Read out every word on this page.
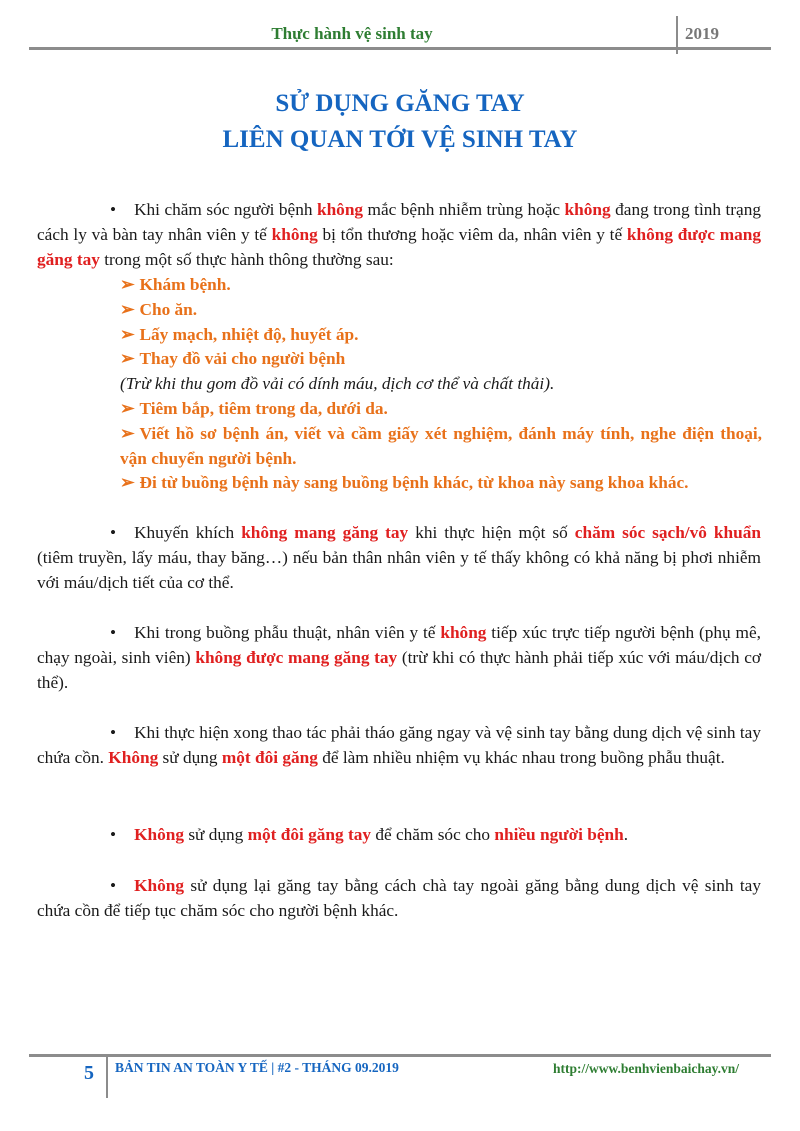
Thực hành vệ sinh tay	2019
SỬ DỤNG GĂNG TAY
LIÊN QUAN TỚI VỆ SINH TAY
• Khi chăm sóc người bệnh không mắc bệnh nhiễm trùng hoặc không đang trong tình trạng cách ly và bàn tay nhân viên y tế không bị tổn thương hoặc viêm da, nhân viên y tế không được mang găng tay trong một số thực hành thông thường sau:
➢ Khám bệnh.
➢ Cho ăn.
➢ Lấy mạch, nhiệt độ, huyết áp.
➢ Thay đồ vải cho người bệnh
(Trừ khi thu gom đồ vải có dính máu, dịch cơ thể và chất thải).
➢ Tiêm bắp, tiêm trong da, dưới da.
➢ Viết hồ sơ bệnh án, viết và cầm giấy xét nghiệm, đánh máy tính, nghe điện thoại, vận chuyển người bệnh.
➢ Đi từ buồng bệnh này sang buồng bệnh khác, từ khoa này sang khoa khác.
• Khuyến khích không mang găng tay khi thực hiện một số chăm sóc sạch/vô khuẩn (tiêm truyền, lấy máu, thay băng…) nếu bản thân nhân viên y tế thấy không có khả năng bị phơi nhiễm với máu/dịch tiết của cơ thể.
• Khi trong buồng phẫu thuật, nhân viên y tế không tiếp xúc trực tiếp người bệnh (phụ mê, chạy ngoài, sinh viên) không được mang găng tay (trừ khi có thực hành phải tiếp xúc với máu/dịch cơ thể).
• Khi thực hiện xong thao tác phải tháo găng ngay và vệ sinh tay bằng dung dịch vệ sinh tay chứa cồn. Không sử dụng một đôi găng để làm nhiều nhiệm vụ khác nhau trong buồng phẫu thuật.
• Không sử dụng một đôi găng tay để chăm sóc cho nhiều người bệnh.
• Không sử dụng lại găng tay bằng cách chà tay ngoài găng bằng dung dịch vệ sinh tay chứa cồn để tiếp tục chăm sóc cho người bệnh khác.
5 BẢN TIN AN TOÀN Y TẾ | #2 - THÁNG 09.2019	http://www.benhvienbaichay.vn/
